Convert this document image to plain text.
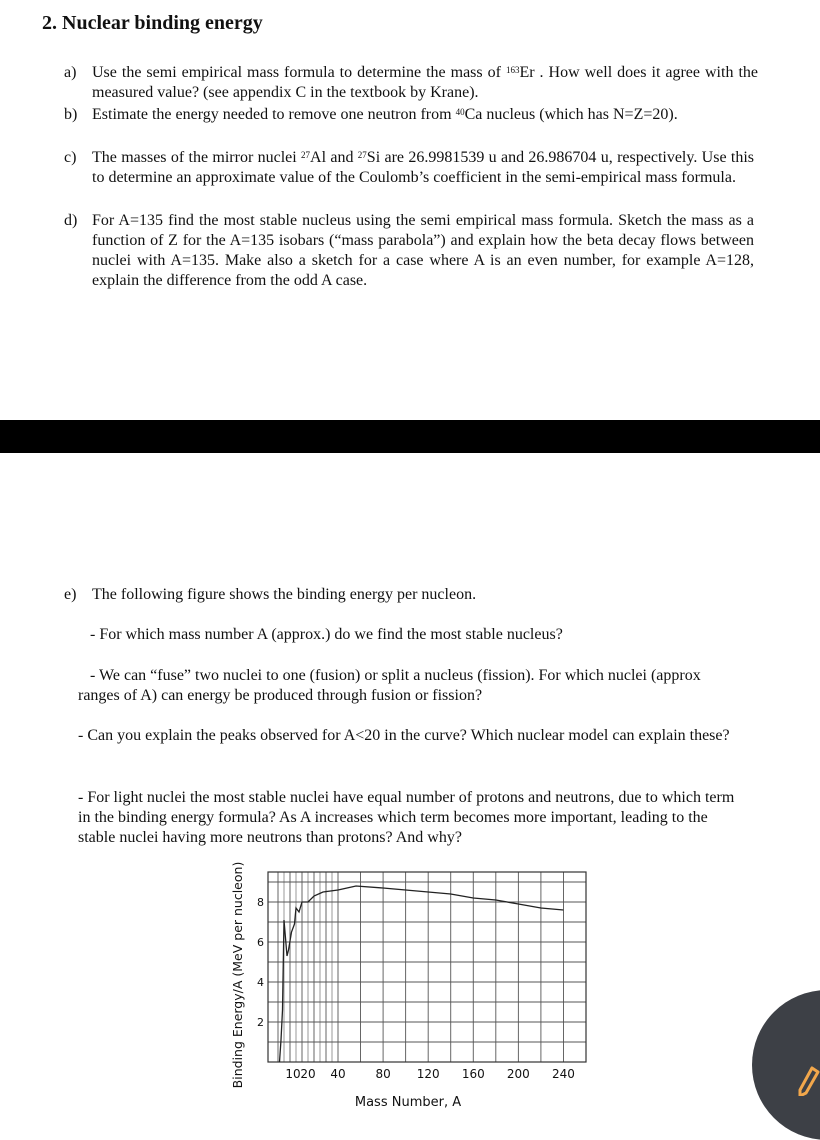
2. Nuclear binding energy
a) Use the semi empirical mass formula to determine the mass of $^{163}$Er . How well does it agree with the measured value? (see appendix C in the textbook by Krane).
b) Estimate the energy needed to remove one neutron from $^{40}$Ca nucleus (which has N=Z=20).
c) The masses of the mirror nuclei $^{27}$Al and $^{27}$Si are 26.9981539 u and 26.986704 u, respectively. Use this to determine an approximate value of the Coulomb’s coefficient in the semi-empirical mass formula.
d) For A=135 find the most stable nucleus using the semi empirical mass formula. Sketch the mass as a function of Z for the A=135 isobars (“mass parabola”) and explain how the beta decay flows between nuclei with A=135. Make also a sketch for a case where A is an even number, for example A=128, explain the difference from the odd A case.
e) The following figure shows the binding energy per nucleon.
- For which mass number A (approx.) do we find the most stable nucleus?
- We can “fuse” two nuclei to one (fusion) or split a nucleus (fission). For which nuclei (approx ranges of A) can energy be produced through fusion or fission?
- Can you explain the peaks observed for A<20 in the curve? Which nuclear model can explain these?
- For light nuclei the most stable nuclei have equal number of protons and neutrons, due to which term in the binding energy formula? As A increases which term becomes more important, leading to the stable nuclei having more neutrons than protons? And why?
2
4
6
8
10 20 40 80 120 160 200 240
Mass Number, A
Binding Energy/A (MeV per nucleon)
